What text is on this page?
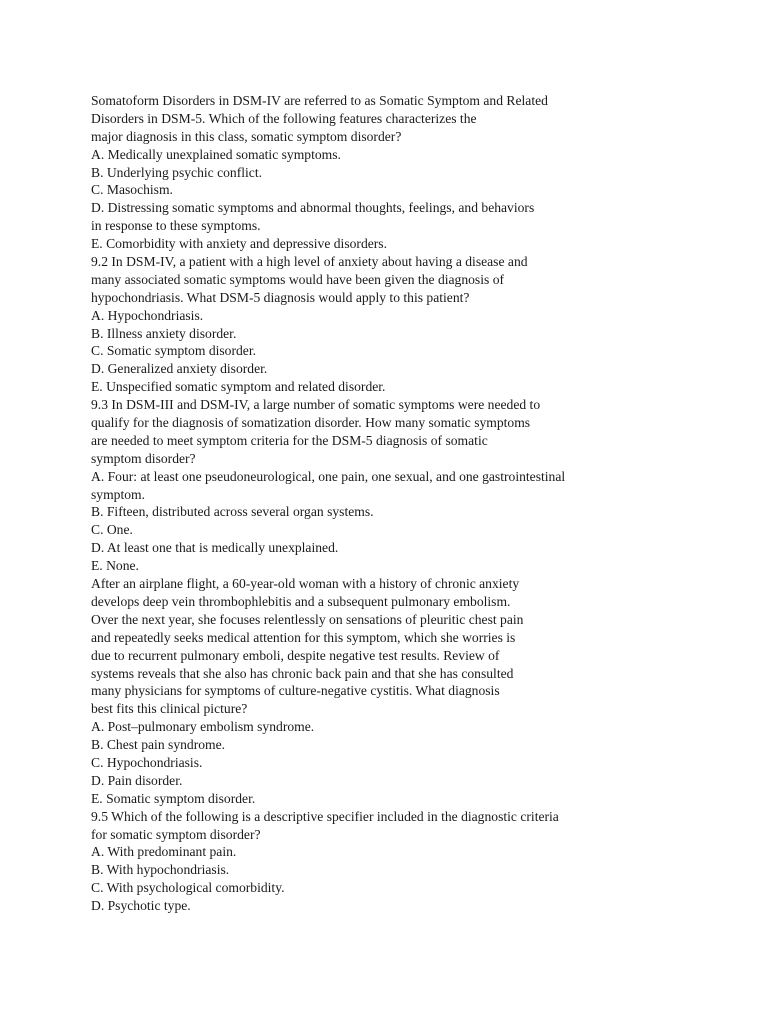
Somatoform Disorders in DSM-IV are referred to as Somatic Symptom and Related
Disorders in DSM-5. Which of the following features characterizes the
major diagnosis in this class, somatic symptom disorder?
A. Medically unexplained somatic symptoms.
B. Underlying psychic conflict.
C. Masochism.
D. Distressing somatic symptoms and abnormal thoughts, feelings, and behaviors
in response to these symptoms.
E. Comorbidity with anxiety and depressive disorders.
9.2 In DSM-IV, a patient with a high level of anxiety about having a disease and
many associated somatic symptoms would have been given the diagnosis of
hypochondriasis. What DSM-5 diagnosis would apply to this patient?
A. Hypochondriasis.
B. Illness anxiety disorder.
C. Somatic symptom disorder.
D. Generalized anxiety disorder.
E. Unspecified somatic symptom and related disorder.
9.3 In DSM-III and DSM-IV, a large number of somatic symptoms were needed to
qualify for the diagnosis of somatization disorder. How many somatic symptoms
are needed to meet symptom criteria for the DSM-5 diagnosis of somatic
symptom disorder?
A. Four: at least one pseudoneurological, one pain, one sexual, and one gastrointestinal
symptom.
B. Fifteen, distributed across several organ systems.
C. One.
D. At least one that is medically unexplained.
E. None.
After an airplane flight, a 60-year-old woman with a history of chronic anxiety
develops deep vein thrombophlebitis and a subsequent pulmonary embolism.
Over the next year, she focuses relentlessly on sensations of pleuritic chest pain
and repeatedly seeks medical attention for this symptom, which she worries is
due to recurrent pulmonary emboli, despite negative test results. Review of
systems reveals that she also has chronic back pain and that she has consulted
many physicians for symptoms of culture-negative cystitis. What diagnosis
best fits this clinical picture?
A. Post–pulmonary embolism syndrome.
B. Chest pain syndrome.
C. Hypochondriasis.
D. Pain disorder.
E. Somatic symptom disorder.
9.5 Which of the following is a descriptive specifier included in the diagnostic criteria
for somatic symptom disorder?
A. With predominant pain.
B. With hypochondriasis.
C. With psychological comorbidity.
D. Psychotic type.
